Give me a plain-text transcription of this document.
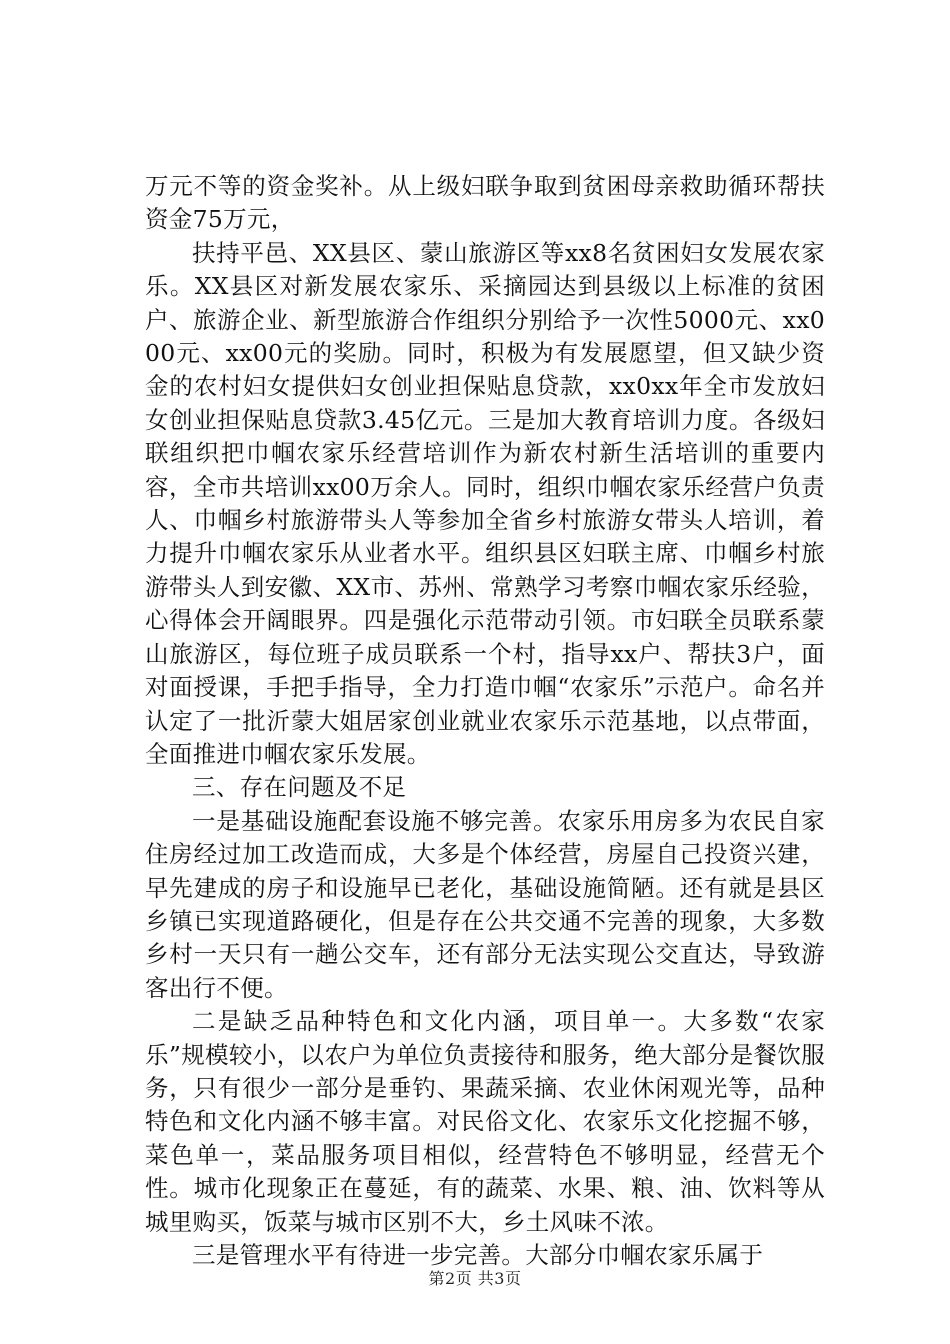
万元不等的资金奖补。从上级妇联争取到贫困母亲救助循环帮扶资金75万元，

扶持平邑、XX县区、蒙山旅游区等xx8名贫困妇女发展农家乐。XX县区对新发展农家乐、采摘园达到县级以上标准的贫困户、旅游企业、新型旅游合作组织分别给予一次性5000元、xx000元、xx00元的奖励。同时，积极为有发展愿望，但又缺少资金的农村妇女提供妇女创业担保贴息贷款，xx0xx年全市发放妇女创业担保贴息贷款3.45亿元。三是加大教育培训力度。各级妇联组织把巾帼农家乐经营培训作为新农村新生活培训的重要内容，全市共培训xx00万余人。同时，组织巾帼农家乐经营户负责人、巾帼乡村旅游带头人等参加全省乡村旅游女带头人培训，着力提升巾帼农家乐从业者水平。组织县区妇联主席、巾帼乡村旅游带头人到安徽、XX市、苏州、常熟学习考察巾帼农家乐经验，心得体会开阔眼界。四是强化示范带动引领。市妇联全员联系蒙山旅游区，每位班子成员联系一个村，指导xx户、帮扶3户，面对面授课，手把手指导，全力打造巾帼“农家乐”示范户。命名并认定了一批沂蒙大姐居家创业就业农家乐示范基地，以点带面，全面推进巾帼农家乐发展。

三、存在问题及不足

一是基础设施配套设施不够完善。农家乐用房多为农民自家住房经过加工改造而成，大多是个体经营，房屋自己投资兴建，早先建成的房子和设施早已老化，基础设施简陋。还有就是县区乡镇已实现道路硬化，但是存在公共交通不完善的现象，大多数乡村一天只有一趟公交车，还有部分无法实现公交直达，导致游客出行不便。

二是缺乏品种特色和文化内涵，项目单一。大多数“农家乐”规模较小，以农户为单位负责接待和服务，绝大部分是餐饮服务，只有很少一部分是垂钓、果蔬采摘、农业休闲观光等，品种特色和文化内涵不够丰富。对民俗文化、农家乐文化挖掘不够，菜色单一，菜品服务项目相似，经营特色不够明显，经营无个性。城市化现象正在蔓延，有的蔬菜、水果、粮、油、饮料等从城里购买，饭菜与城市区别不大，乡土风味不浓。

三是管理水平有待进一步完善。大部分巾帼农家乐属于

第2页 共3页
